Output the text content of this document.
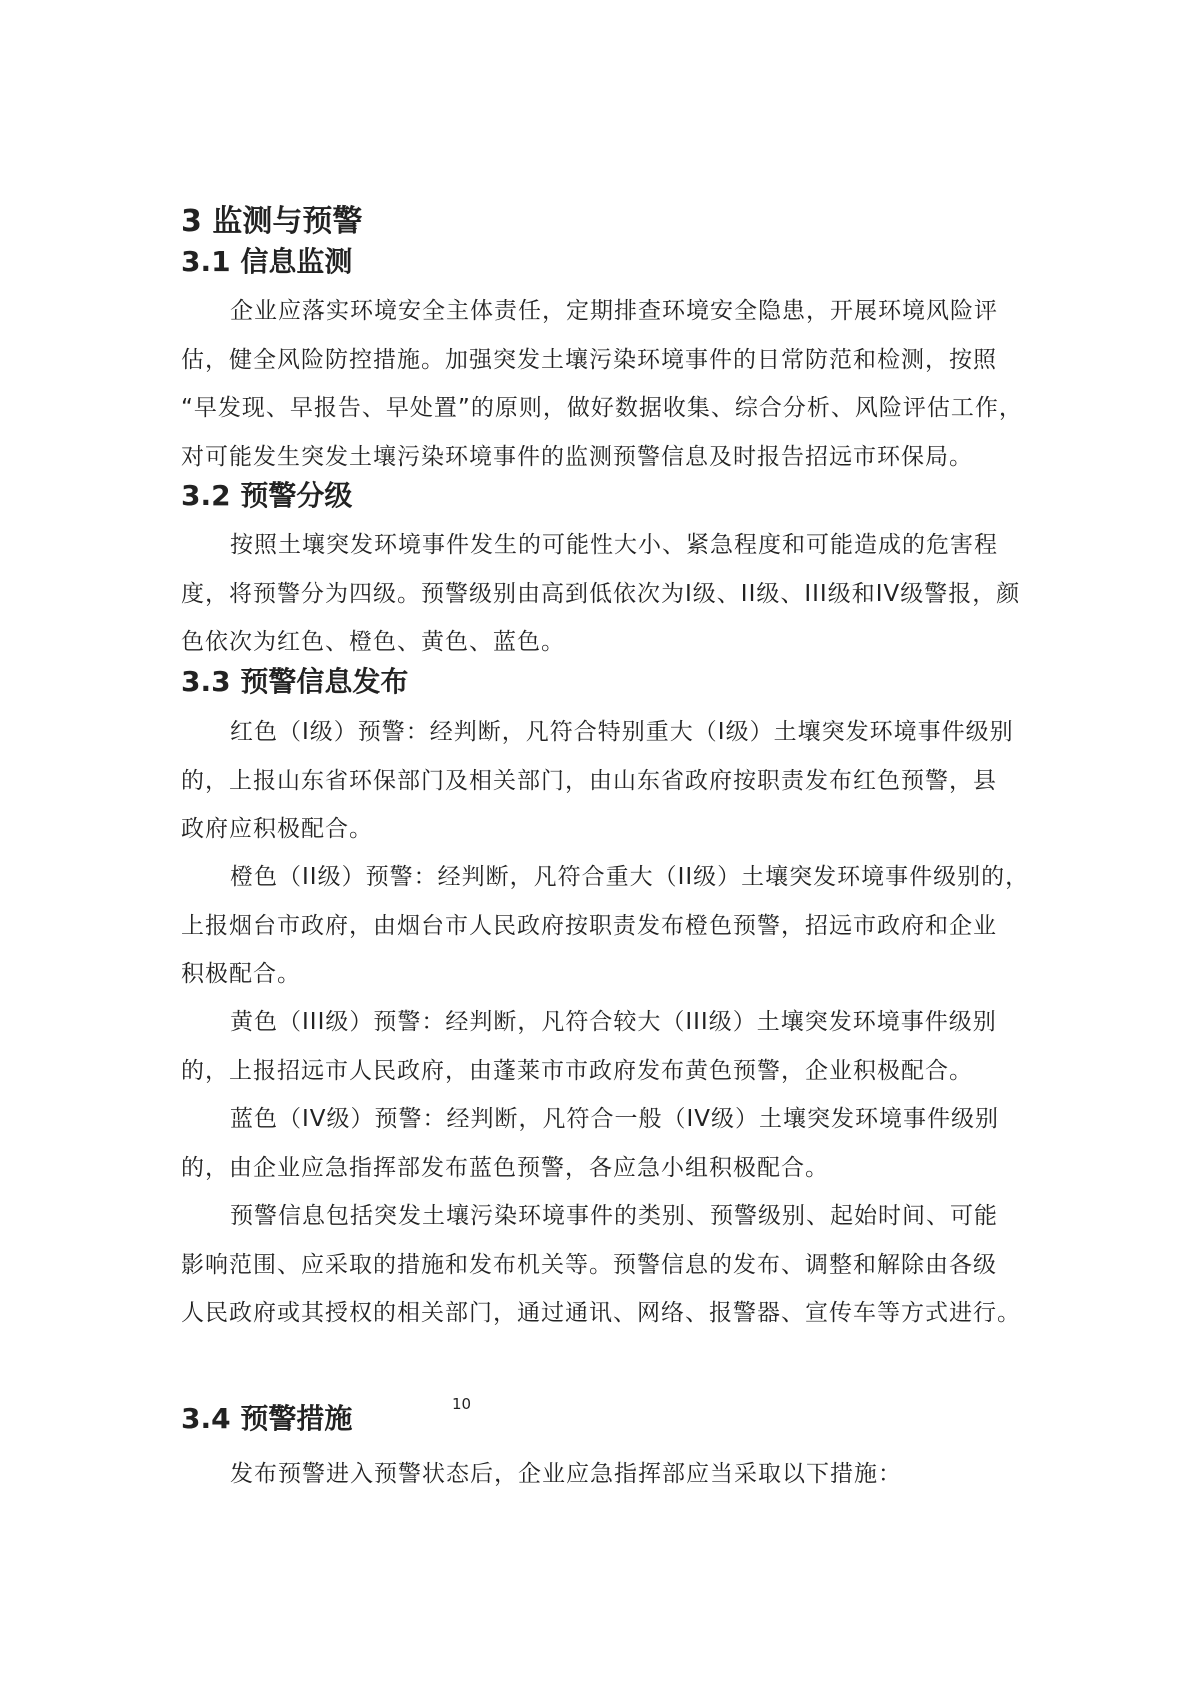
3 监测与预警
3.1 信息监测

企业应落实环境安全主体责任，定期排查环境安全隐患，开展环境风险评
估，健全风险防控措施。加强突发土壤污染环境事件的日常防范和检测，按照
“早发现、早报告、早处置”的原则，做好数据收集、综合分析、风险评估工作，
对可能发生突发土壤污染环境事件的监测预警信息及时报告招远市环保局。

3.2 预警分级

按照土壤突发环境事件发生的可能性大小、紧急程度和可能造成的危害程
度，将预警分为四级。预警级别由高到低依次为I级、II级、III级和IV级警报，颜
色依次为红色、橙色、黄色、蓝色。

3.3 预警信息发布

红色（I级）预警：经判断，凡符合特别重大（I级）土壤突发环境事件级别
的，上报山东省环保部门及相关部门，由山东省政府按职责发布红色预警，县
政府应积极配合。

橙色（II级）预警：经判断，凡符合重大（II级）土壤突发环境事件级别的，
上报烟台市政府，由烟台市人民政府按职责发布橙色预警，招远市政府和企业
积极配合。

黄色（III级）预警：经判断，凡符合较大（III级）土壤突发环境事件级别
的，上报招远市人民政府，由蓬莱市市政府发布黄色预警，企业积极配合。

蓝色（IV级）预警：经判断，凡符合一般（IV级）土壤突发环境事件级别
的，由企业应急指挥部发布蓝色预警，各应急小组积极配合。

预警信息包括突发土壤污染环境事件的类别、预警级别、起始时间、可能
影响范围、应采取的措施和发布机关等。预警信息的发布、调整和解除由各级
人民政府或其授权的相关部门，通过通讯、网络、报警器、宣传车等方式进行。

3.4 预警措施	10

发布预警进入预警状态后，企业应急指挥部应当采取以下措施：
